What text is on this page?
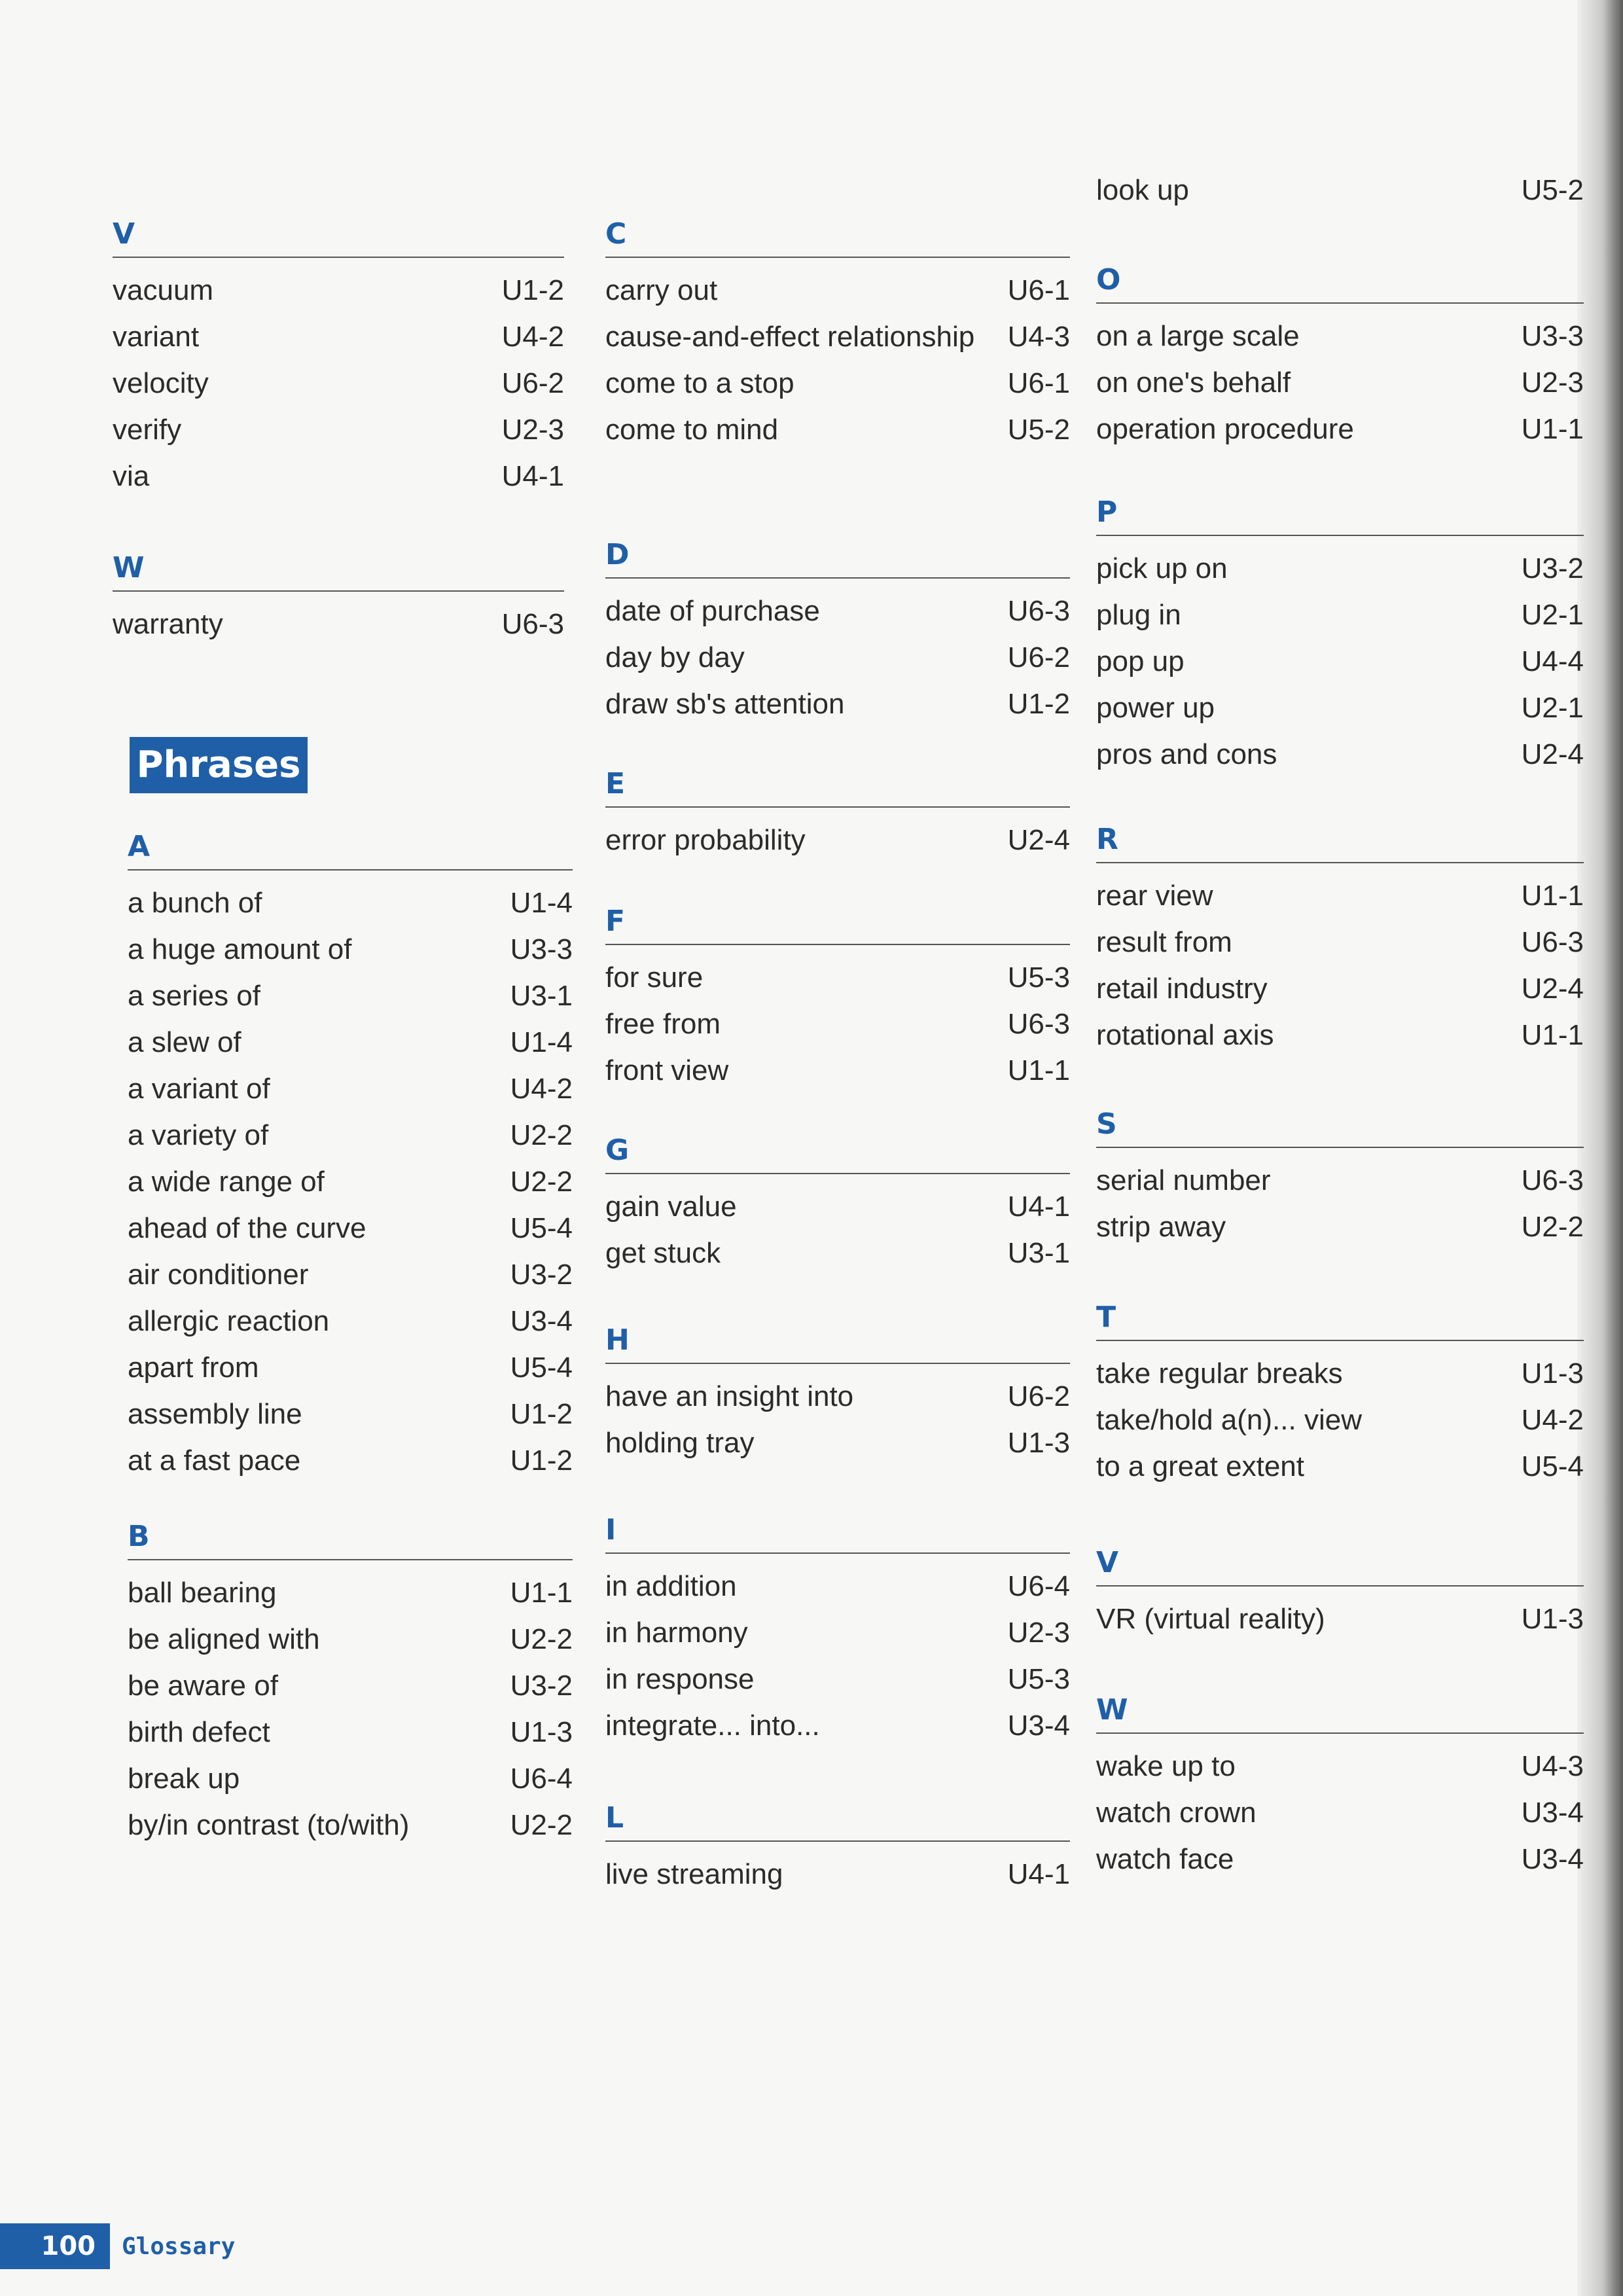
V
vacuum	U1-2
variant	U4-2
velocity	U6-2
verify	U2-3
via	U4-1
W
warranty	U6-3
Phrases
A
a bunch of	U1-4
a huge amount of	U3-3
a series of	U3-1
a slew of	U1-4
a variant of	U4-2
a variety of	U2-2
a wide range of	U2-2
ahead of the curve	U5-4
air conditioner	U3-2
allergic reaction	U3-4
apart from	U5-4
assembly line	U1-2
at a fast pace	U1-2
B
ball bearing	U1-1
be aligned with	U2-2
be aware of	U3-2
birth defect	U1-3
break up	U6-4
by/in contrast (to/with)	U2-2
C
carry out	U6-1
cause-and-effect relationship U4-3
come to a stop	U6-1
come to mind	U5-2
D
date of purchase	U6-3
day by day	U6-2
draw sb's attention	U1-2
E
error probability	U2-4
F
for sure	U5-3
free from	U6-3
front view	U1-1
G
gain value	U4-1
get stuck	U3-1
H
have an insight into	U6-2
holding tray	U1-3
I
in addition	U6-4
in harmony	U2-3
in response	U5-3
integrate... into...	U3-4
L
live streaming	U4-1
look up	U5-2
O
on a large scale	U3-3
on one's behalf	U2-3
operation procedure	U1-1
P
pick up on	U3-2
plug in	U2-1
pop up	U4-4
power up	U2-1
pros and cons	U2-4
R
rear view	U1-1
result from	U6-3
retail industry	U2-4
rotational axis	U1-1
S
serial number	U6-3
strip away	U2-2
T
take regular breaks	U1-3
take/hold a(n)... view	U4-2
to a great extent	U5-4
V
VR (virtual reality)	U1-3
W
wake up to	U4-3
watch crown	U3-4
watch face	U3-4
100	Glossary
